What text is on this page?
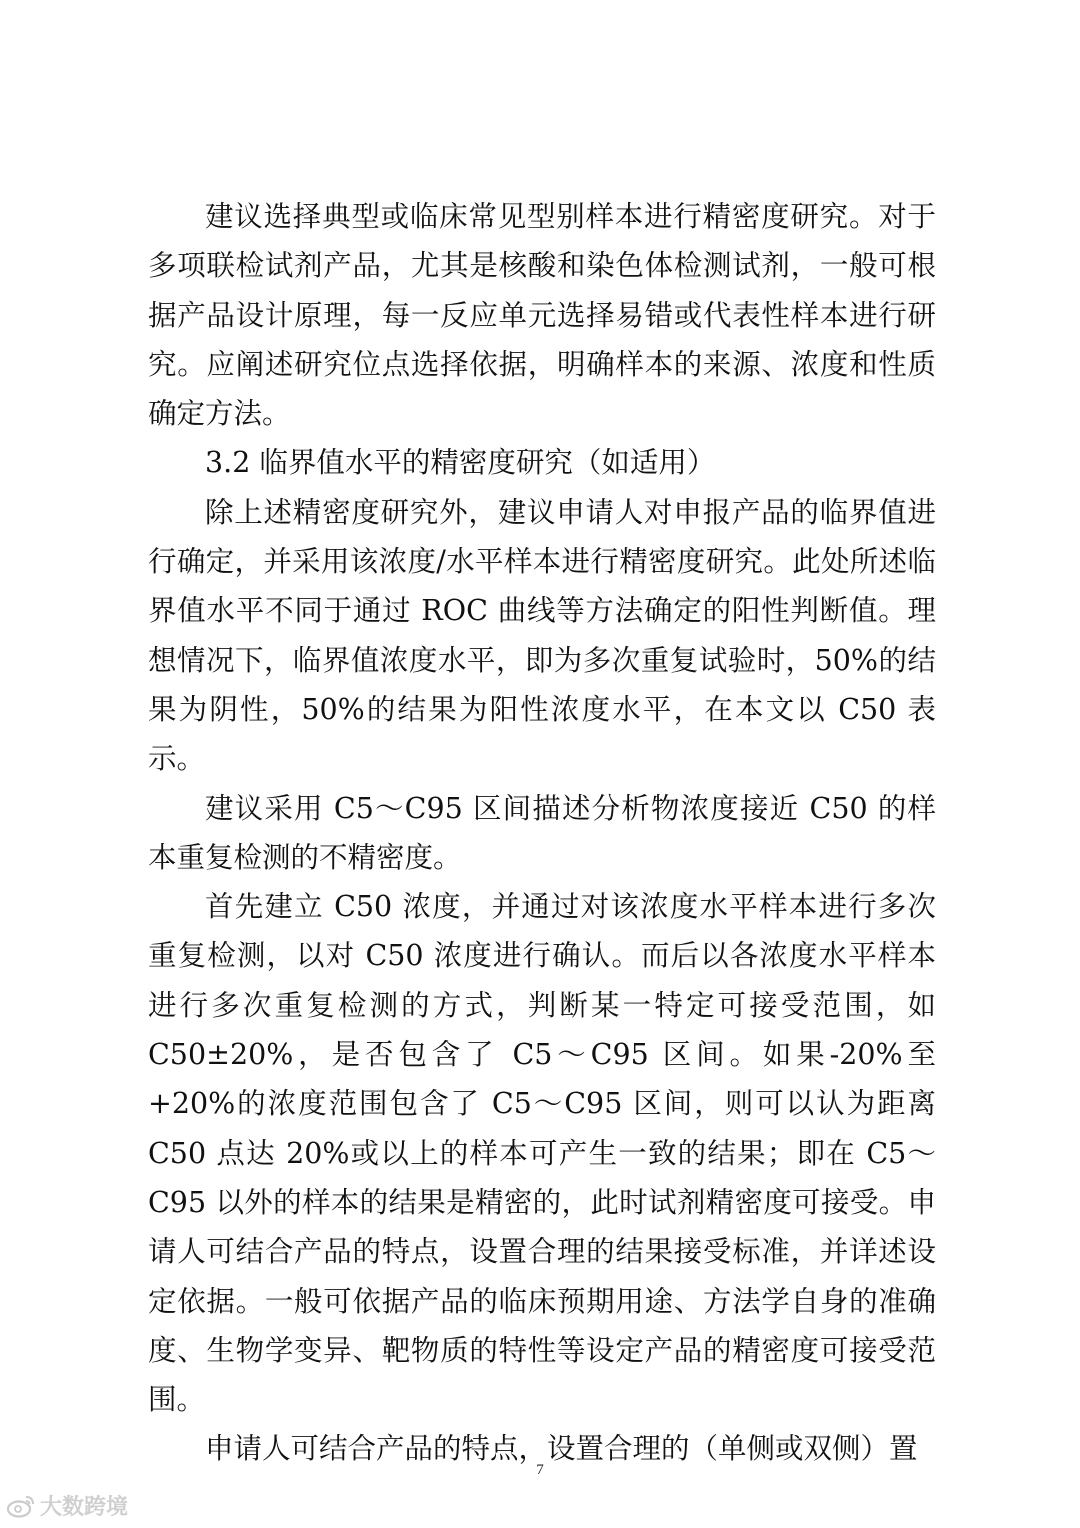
建议选择典型或临床常见型别样本进行精密度研究。对于多项联检试剂产品，尤其是核酸和染色体检测试剂，一般可根据产品设计原理，每一反应单元选择易错或代表性样本进行研究。应阐述研究位点选择依据，明确样本的来源、浓度和性质确定方法。

3.2 临界值水平的精密度研究（如适用）

除上述精密度研究外，建议申请人对申报产品的临界值进行确定，并采用该浓度/水平样本进行精密度研究。此处所述临界值水平不同于通过 ROC 曲线等方法确定的阳性判断值。理想情况下，临界值浓度水平，即为多次重复试验时，50%的结果为阴性，50%的结果为阳性浓度水平，在本文以 C50 表示。

建议采用 C5～C95 区间描述分析物浓度接近 C50 的样本重复检测的不精密度。

首先建立 C50 浓度，并通过对该浓度水平样本进行多次重复检测，以对 C50 浓度进行确认。而后以各浓度水平样本进行多次重复检测的方式，判断某一特定可接受范围，如 C50±20%，是否包含了 C5～C95 区间。如果-20%至+20%的浓度范围包含了 C5～C95 区间，则可以认为距离 C50 点达 20%或以上的样本可产生一致的结果；即在 C5～C95 以外的样本的结果是精密的，此时试剂精密度可接受。申请人可结合产品的特点，设置合理的结果接受标准，并详述设定依据。一般可依据产品的临床预期用途、方法学自身的准确度、生物学变异、靶物质的特性等设定产品的精密度可接受范围。

申请人可结合产品的特点，设置合理的（单侧或双侧）置

7
大数跨境
